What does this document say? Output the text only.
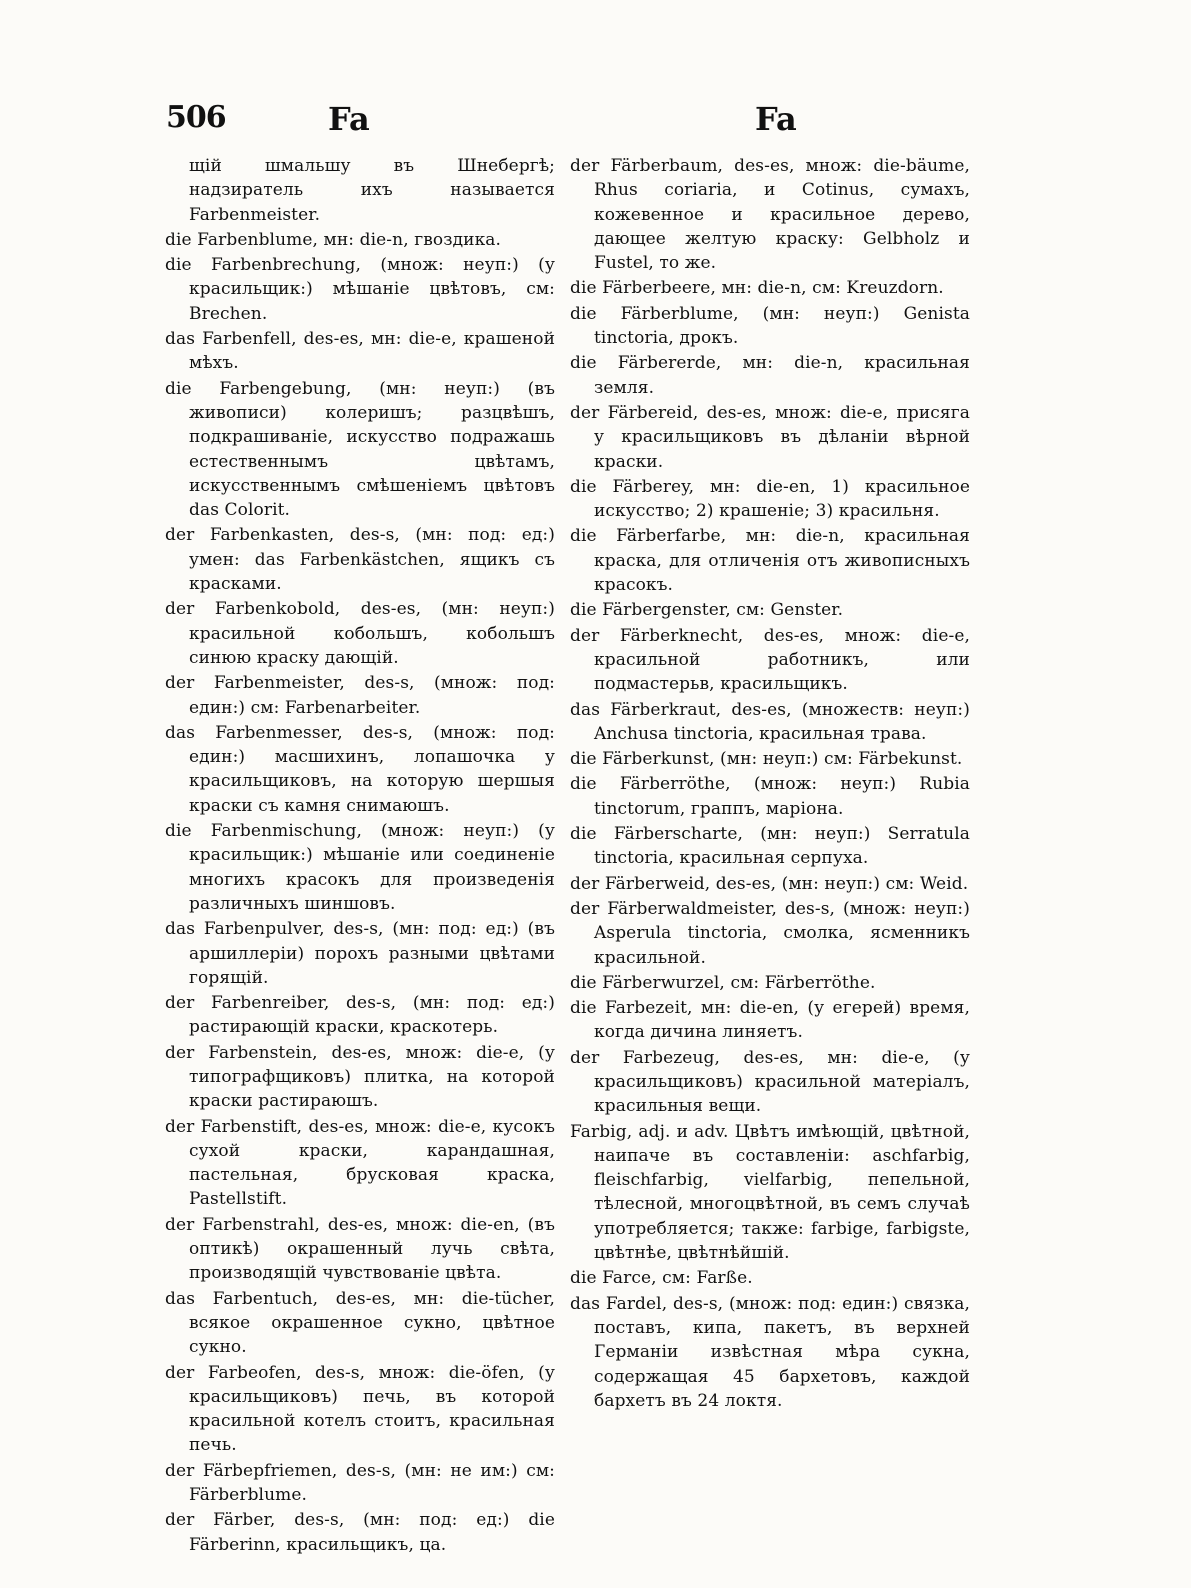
506	Fa	Fa

щій шмальшу въ Шнебергѣ; надзиратель ихъ называется Farbenmeister.

die Farbenblume, мн: die-n, гвоздика.

die Farbenbrechung, (множ: неуп:) (у красильщик:) мѣшаніе цвѣтовъ, см: Brechen.

das Farbenfell, des-es, мн: die-e, крашеной мѣхъ.

die Farbengebung, (мн: неуп:) (въ живописи) колеришъ; разцвѣшъ, подкрашиваніе, искусство подражашь естественнымъ цвѣтамъ, искусственнымъ смѣшеніемъ цвѣтовъ das Colorit.

der Farbenkasten, des-s, (мн: под: ед:) умен: das Farbenkästchen, ящикъ съ красками.

der Farbenkobold, des-es, (мн: неуп:) красильной кобольшъ, кобольшъ синюю краску дающій.

der Farbenmeister, des-s, (множ: под: един:) см: Farbenarbeiter.

das Farbenmesser, des-s, (множ: под: един:) масшихинъ, лопашочка у красильщиковъ, на которую шершыя краски съ камня снимаюшъ.

die Farbenmischung, (множ: неуп:) (у красильщик:) мѣшаніе или соединеніе многихъ красокъ для произведенія различныхъ шиншовъ.

das Farbenpulver, des-s, (мн: под: ед:) (въ аршиллеріи) порохъ разными цвѣтами горящій.

der Farbenreiber, des-s, (мн: под: ед:) растирающій краски, краскотерь.

der Farbenstein, des-es, множ: die-e, (у типографщиковъ) плитка, на которой краски растираюшъ.

der Farbenstift, des-es, множ: die-e, кусокъ сухой краски, карандашная, пастельная, брусковая краска, Pastellstift.

der Farbenstrahl, des-es, множ: die-en, (въ оптикѣ) окрашенный лучь свѣта, производящій чувствованіе цвѣта.

das Farbentuch, des-es, мн: die-tücher, всякое окрашенное сукно, цвѣтное сукно.

der Farbeofen, des-s, множ: die-öfen, (у красильщиковъ) печь, въ которой красильной котелъ стоитъ, красильная печь.

der Färbepfriemen, des-s, (мн: не им:) см: Färberblume.

der Färber, des-s, (мн: под: ед:) die Färberinn, красильщикъ, ца.

der Färberbaum, des-es, множ: die-bäume, Rhus coriaria, и Cotinus, сумахъ, кожевенное и красильное дерево, дающее желтую краску: Gelbholz и Fustel, то же.

die Färberbeere, мн: die-n, см: Kreuzdorn.

die Färberblume, (мн: неуп:) Genista tinctoria, дрокъ.

die Färbererde, мн: die-n, красильная земля.

der Färbereid, des-es, множ: die-e, присяга у красильщиковъ въ дѣланіи вѣрной краски.

die Färberey, мн: die-en, 1) красильное искусство; 2) крашеніе; 3) красильня.

die Färberfarbe, мн: die-n, красильная краска, для отличенія отъ живописныхъ красокъ.

die Färbergenster, см: Genster.

der Färberknecht, des-es, множ: die-e, красильной работникъ, или подмастерьв, красильщикъ.

das Färberkraut, des-es, (множеств: неуп:) Anchusa tinctoria, красильная трава.

die Färberkunst, (мн: неуп:) см: Färbekunst.

die Färberröthe, (множ: неуп:) Rubia tinctorum, граппъ, маріона.

die Färberscharte, (мн: неуп:) Serratula tinctoria, красильная серпуха.

der Färberweid, des-es, (мн: неуп:) см: Weid.

der Färberwaldmeister, des-s, (множ: неуп:) Asperula tinctoria, смолка, ясменникъ красильной.

die Färberwurzel, см: Färberröthe.

die Farbezeit, мн: die-en, (у егерей) время, когда дичина линяетъ.

der Farbezeug, des-es, мн: die-e, (у красильщиковъ) красильной матеріалъ, красильныя вещи.

Farbig, adj. и adv. Цвѣтъ имѣющій, цвѣтной, наипаче въ составленіи: aschfarbig, fleischfarbig, vielfarbig, пепельной, тѣлесной, многоцвѣтной, въ семъ случаѣ употребляется; также: farbige, farbigste, цвѣтнѣе, цвѣтнѣйшій.

die Farce, см: Farße.

das Fardel, des-s, (множ: под: един:) связка, поставъ, кипа, пакетъ, въ верхней Германіи извѣстная мѣра сукна, содержащая 45 бархетовъ, каждой бархетъ въ 24 локтя.
